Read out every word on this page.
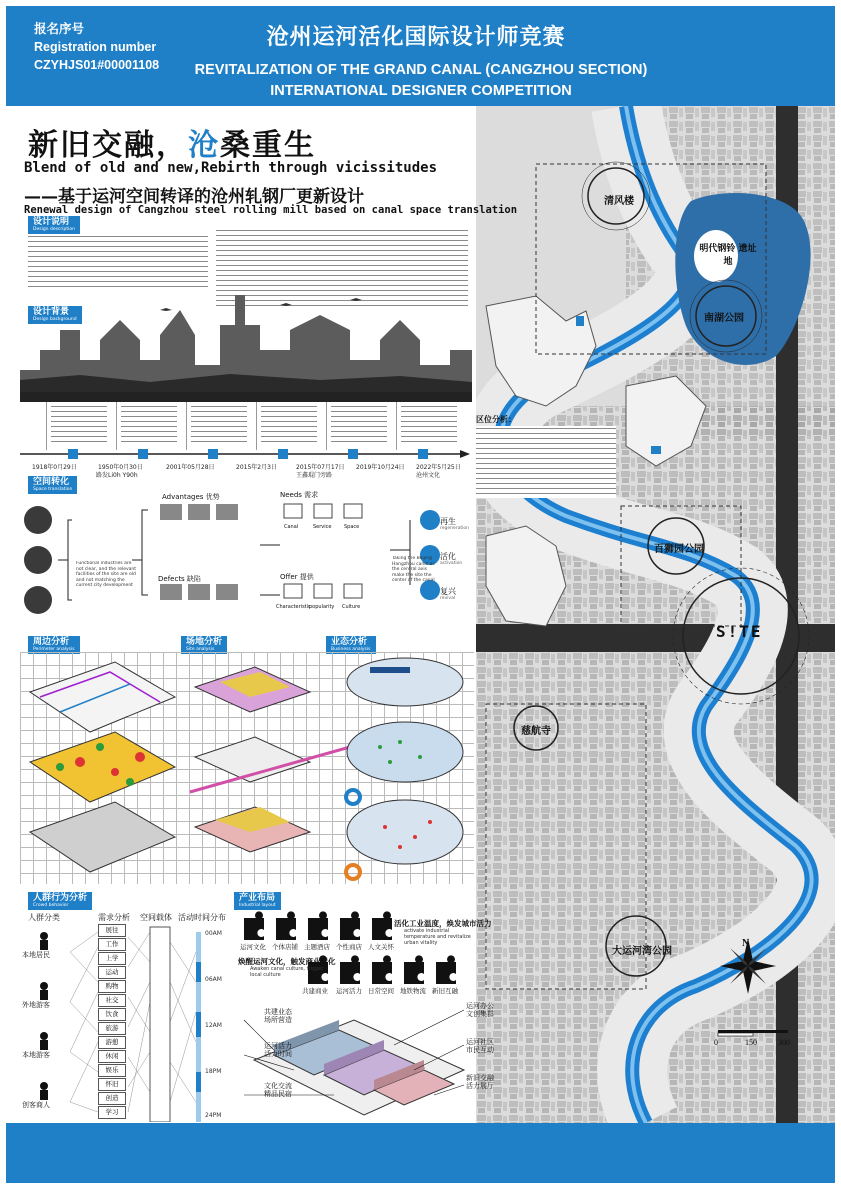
报名序号
Registration number
CZYHJS01#00001108
沧州运河活化国际设计师竞赛
REVITALIZATION OF THE GRAND CANAL (CANGZHOU SECTION)
INTERNATIONAL DESIGNER COMPETITION
清风楼
明代钢铃 遗址地
南湖公园
百狮园公园
慈航寺
大运河湾公园
S!TE
区位分析：
N
0	150	300
新旧交融，沧桑重生
Blend of old and new,Rebirth through vicissitudes
——基于运河空间转译的沧州轧钢厂更新设计
Renewal design of Cangzhou steel rolling mill based on canal space translation
设计说明
Design description
设计背景
Design background
1918年0月29日	1950年0月30日	2001年05月28日	2015年2月3日	2015年07月17日 2019年10月24日 2022年5月25日
路发Li0h Y90h	王鑫琨门旁路	沧州文化
空间转化
Space translation
Advantages 优势	Needs 需求
Defects 缺陷	Offer 提供
Canal	Service	Space
Characteristic
popularity Culture
再生
活化
复兴
regeneration
activation
revival
Functional industries are not clear, and the relevant facilities of the site are old and not matching the current city development
Taking the Beijing Hangzhou canal as the central axis make the site the center of the canal
周边分析
Perimeter analysis
场地分析
Site analysis
业态分析
Business analysis
人群行为分析
Crowd behavior
人群分类	需求分析 空间载体 活动时间分布
本地居民
外地游客
本地游客
创客商人
展往
工作
上学
运动
购物
社交
饮食
旅游
游憩
休闲
娱乐
怀旧
创造
学习
00AM
06AM
12AM
18PM
24PM
产业布局
Industrial layout
运河文化 个体店铺 主题酒店 个性商店 人文关怀
活化工业温度，焕发城市活力
activate industrial temperature and revitalize urban vitality
焕醒运河文化，触发商业活化
Awaken canal culture, trigger local culture
共建商业 运河活力 日常空间 地铁物流 新旧互融
共建业态 场所营造
运河活力 活力时间
文化交流 精品民宿
运河办公 文创集群
运河社区 市民互动
新旧交融 活力展厅
